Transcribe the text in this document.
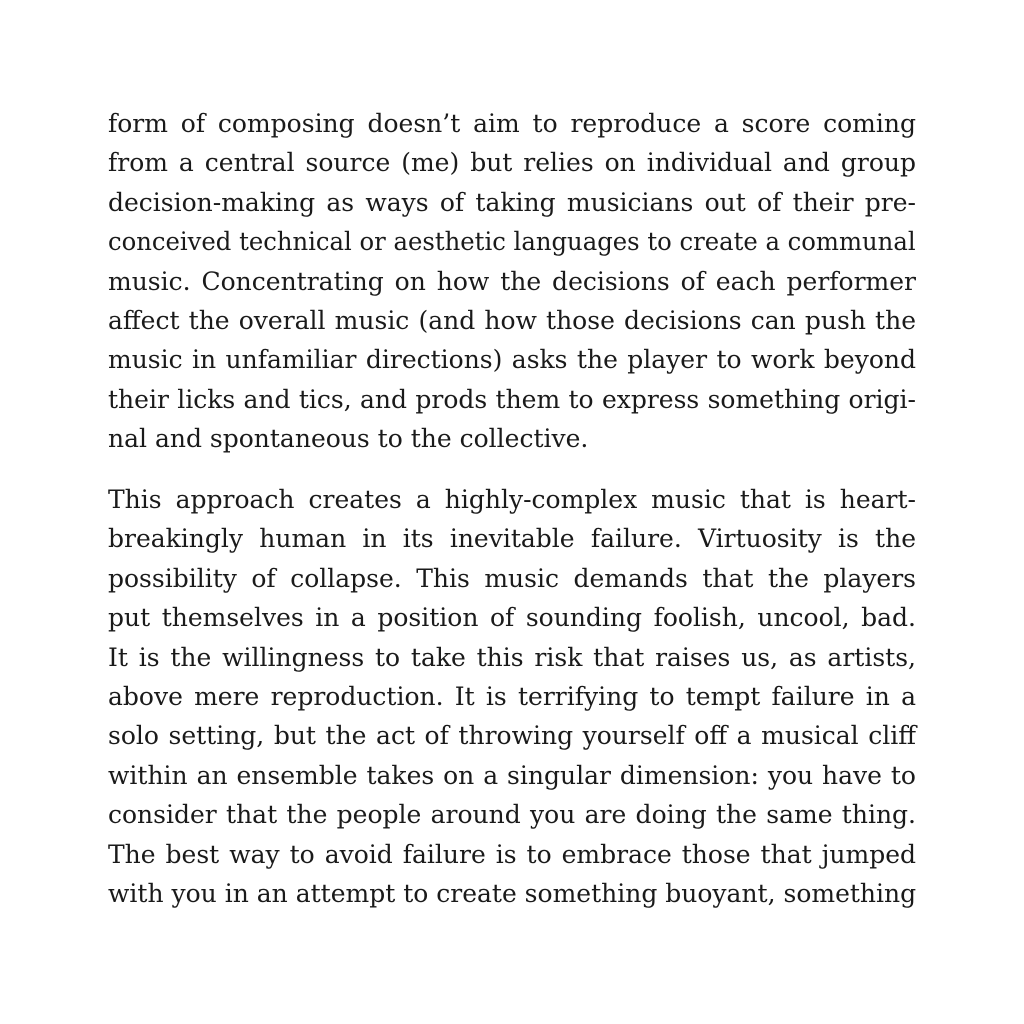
form of composing doesn’t aim to reproduce a score coming
from a central source (me) but relies on individual and group
decision-making as ways of taking musicians out of their pre-
conceived technical or aesthetic languages to create a communal
music. Concentrating on how the decisions of each performer
affect the overall music (and how those decisions can push the
music in unfamiliar directions) asks the player to work beyond
their licks and tics, and prods them to express something origi-
nal and spontaneous to the collective.

This approach creates a highly-complex music that is heart-
breakingly human in its inevitable failure. Virtuosity is the
possibility of collapse. This music demands that the players
put themselves in a position of sounding foolish, uncool, bad.
It is the willingness to take this risk that raises us, as artists,
above mere reproduction. It is terrifying to tempt failure in a
solo setting, but the act of throwing yourself off a musical cliff
within an ensemble takes on a singular dimension: you have to
consider that the people around you are doing the same thing.
The best way to avoid failure is to embrace those that jumped
with you in an attempt to create something buoyant, something
